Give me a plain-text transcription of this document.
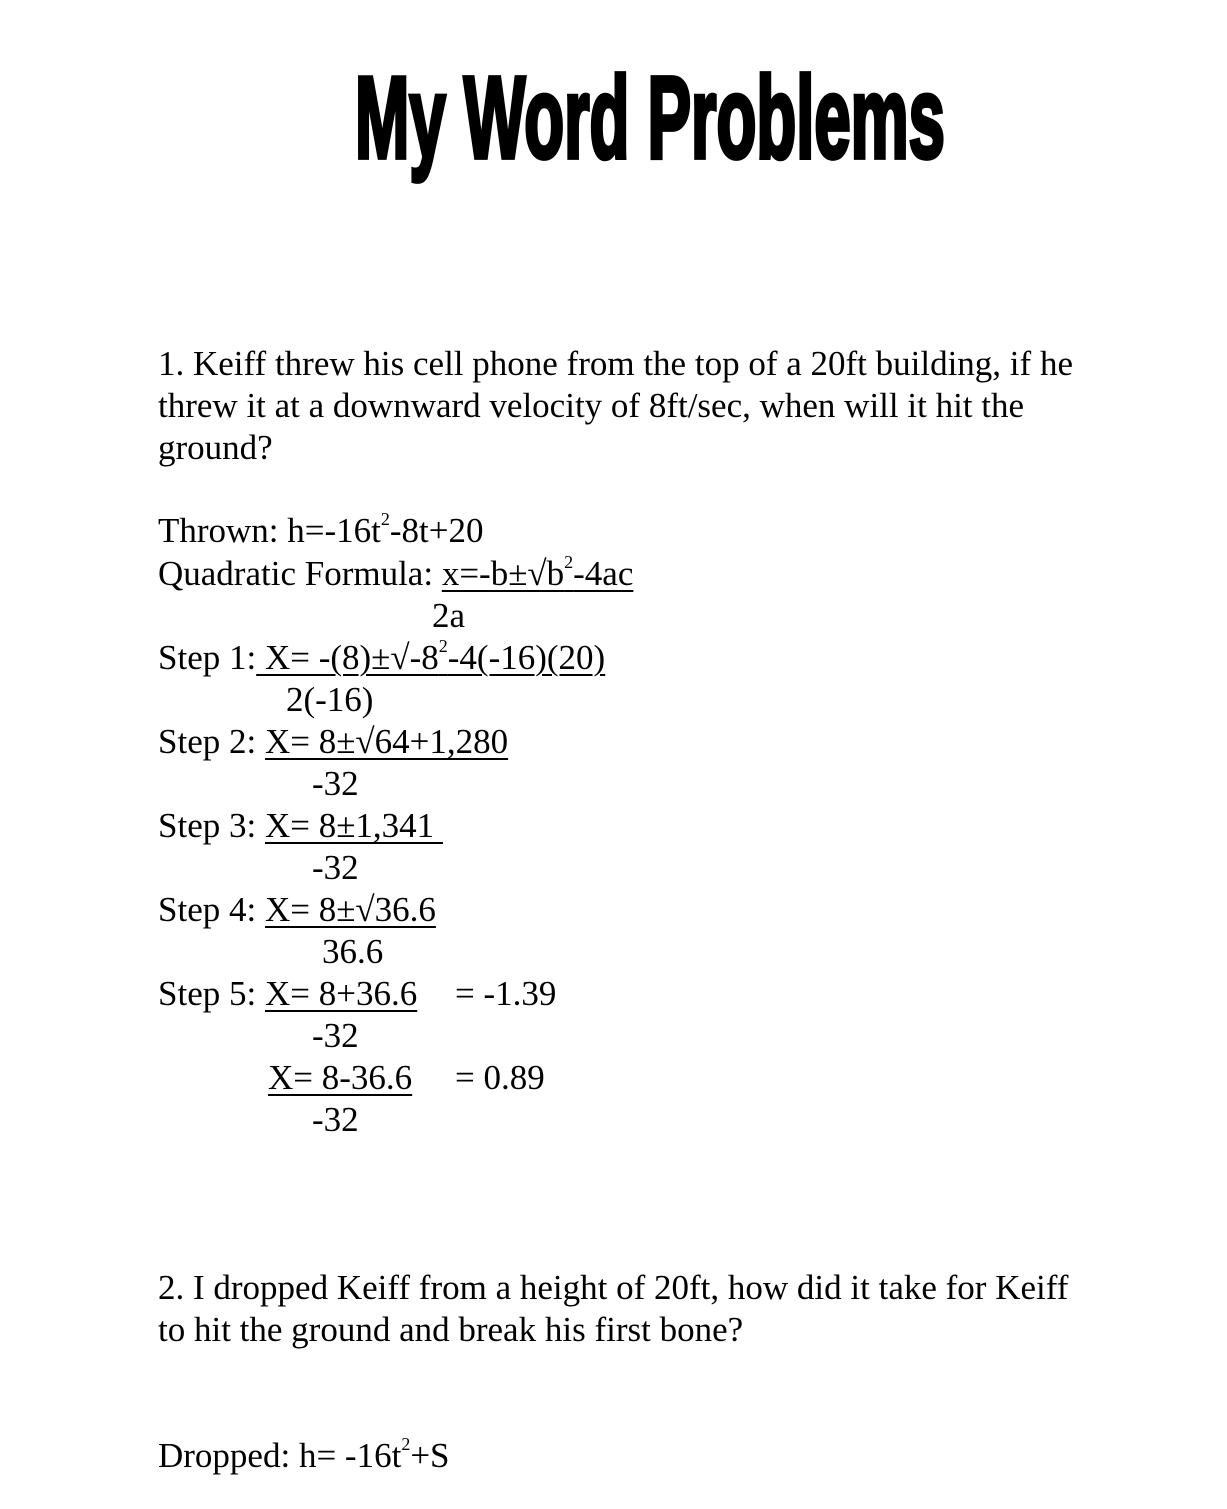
My Word Problems
1. Keiff threw his cell phone from the top of a 20ft building, if he
threw it at a downward velocity of 8ft/sec, when will it hit the
ground?
Thrown: $h=-16t^2-8t+20$
Quadratic Formula: $x=-b\pm√b^2-4ac$
2a
Step 1: $X= -(8)\pm√-8^2-4(-16)(20)$
2(-16)
Step 2: X= 8±√64+1,280
-32
Step 3: X= 8±1,341
-32
Step 4: X= 8±√36.6
36.6
Step 5: X= 8+36.6 = -1.39
-32
X= 8-36.6 = 0.89
-32
2. I dropped Keiff from a height of 20ft, how did it take for Keiff
to hit the ground and break his first bone?
Dropped: $h= -16t^2+S$
